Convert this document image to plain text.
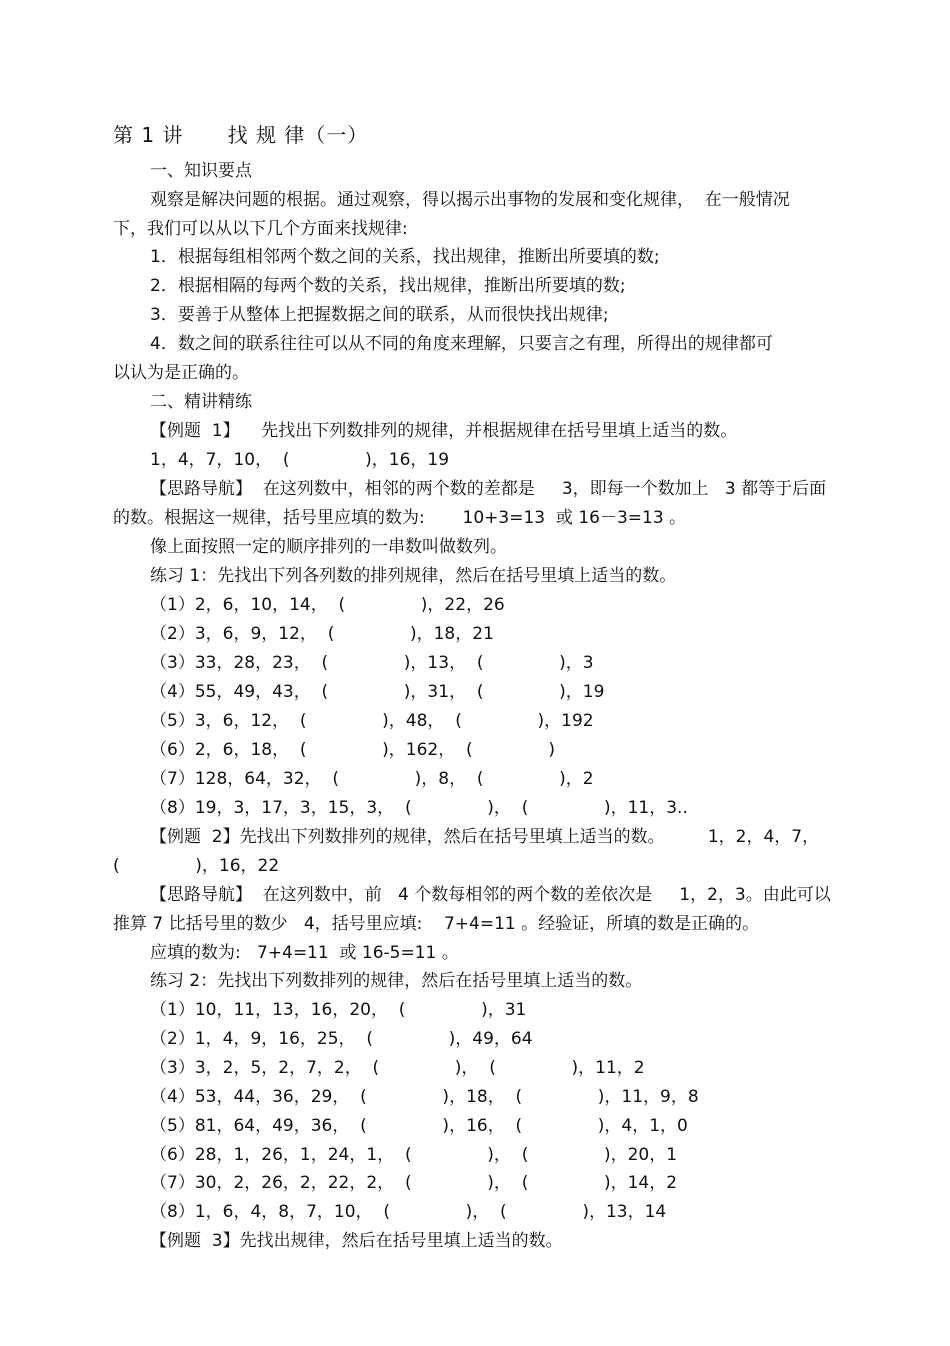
第 1 讲      找 规 律（一）
一、知识要点
观察是解决问题的根据。通过观察，得以揭示出事物的发展和变化规律，  在一般情况
下，我们可以从以下几个方面来找规律:
1．根据每组相邻两个数之间的关系，找出规律，推断出所要填的数;
2．根据相隔的每两个数的关系，找出规律，推断出所要填的数;
3．要善于从整体上把握数据之间的联系，从而很快找出规律;
4．数之间的联系往往可以从不同的角度来理解，只要言之有理，所得出的规律都可
以认为是正确的。
二、精讲精练
【例题  1】    先找出下列数排列的规律，并根据规律在括号里填上适当的数。
1，4，7，10，  (              )，16，19
【思路导航】  在这列数中，相邻的两个数的差都是     3，即每一个数加上   3 都等于后面
的数。根据这一规律，括号里应填的数为:       10+3=13  或 16－3=13 。
像上面按照一定的顺序排列的一串数叫做数列。
练习 1：先找出下列各列数的排列规律，然后在括号里填上适当的数。
（1）2，6，10，14，  (              )，22，26
（2）3，6，9，12，  (              )，18，21
（3）33，28，23，  (              )，13，  (              )，3
（4）55，49，43，  (              )，31，  (              )，19
（5）3，6，12，  (              )，48，  (              )，192
（6）2，6，18，  (              )，162，  (              )
（7）128，64，32，  (              )，8，  (              )，2
（8）19，3，17，3，15，3，  (              )，  (              )，11，3..
【例题  2】先找出下列数排列的规律，然后在括号里填上适当的数。        1，2，4，7，
(              )，16，22
【思路导航】  在这列数中，前   4 个数每相邻的两个数的差依次是     1，2，3。由此可以
推算 7 比括号里的数少   4，括号里应填:    7+4=11 。经验证，所填的数是正确的。
应填的数为:   7+4=11  或 16-5=11 。
练习 2：先找出下列数排列的规律，然后在括号里填上适当的数。
（1）10，11，13，16，20，  (              )，31
（2）1，4，9，16，25，  (              )，49，64
（3）3，2，5，2，7，2，  (              )，  (              )，11，2
（4）53，44，36，29，  (              )，18，  (              )，11，9，8
（5）81，64，49，36，  (              )，16，  (              )，4，1，0
（6）28，1，26，1，24，1，  (              )，  (              )，20，1
（7）30，2，26，2，22，2，  (              )，  (              )，14，2
（8）1，6，4，8，7，10，  (              )，  (              )，13，14
【例题  3】先找出规律，然后在括号里填上适当的数。
